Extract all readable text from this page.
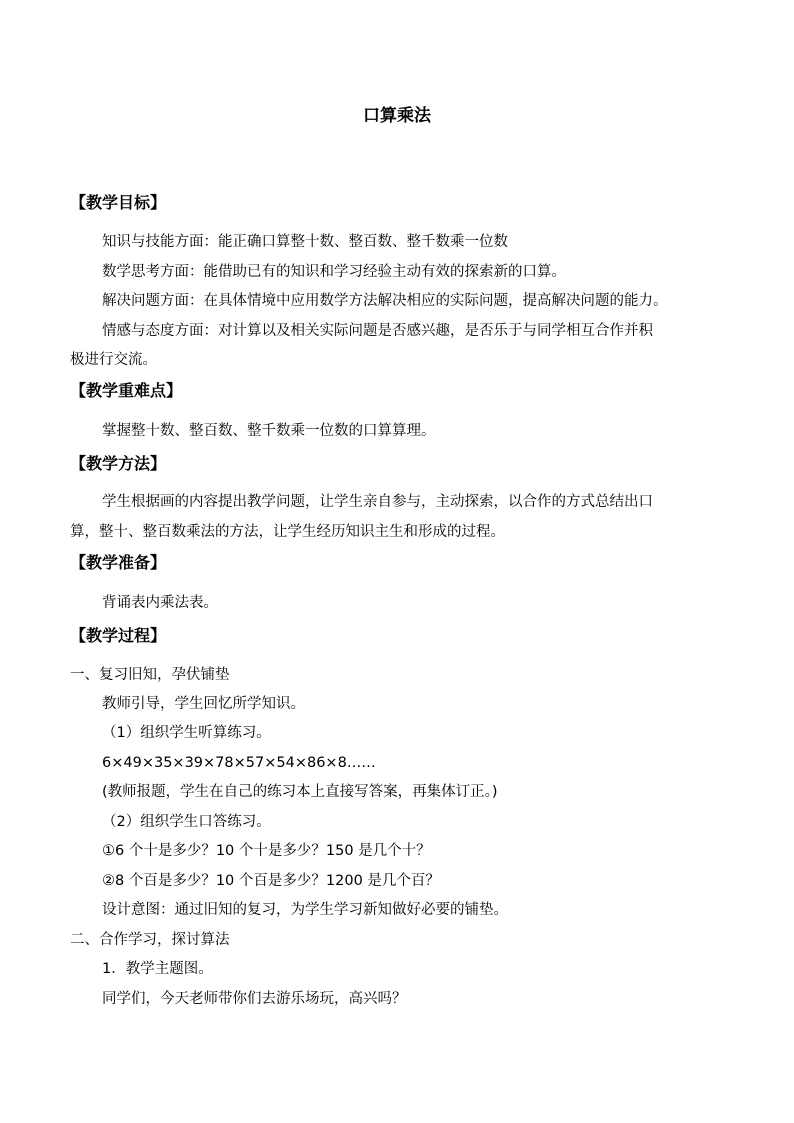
口算乘法
【教学目标】
知识与技能方面：能正确口算整十数、整百数、整千数乘一位数
数学思考方面：能借助已有的知识和学习经验主动有效的探索新的口算。
解决问题方面：在具体情境中应用数学方法解决相应的实际问题，提高解决问题的能力。
情感与态度方面：对计算以及相关实际问题是否感兴趣，是否乐于与同学相互合作并积
极进行交流。
【教学重难点】
掌握整十数、整百数、整千数乘一位数的口算算理。
【教学方法】
学生根据画的内容提出教学问题，让学生亲自参与，主动探索，以合作的方式总结出口
算，整十、整百数乘法的方法，让学生经历知识主生和形成的过程。
【教学准备】
背诵表内乘法表。
【教学过程】
一、复习旧知，孕伏铺垫
教师引导，学生回忆所学知识。
（1）组织学生听算练习。
6×49×35×39×78×57×54×86×8……
(教师报题，学生在自己的练习本上直接写答案，再集体订正。)
（2）组织学生口答练习。
①6 个十是多少？10 个十是多少？150 是几个十？
②8 个百是多少？10 个百是多少？1200 是几个百？
设计意图：通过旧知的复习，为学生学习新知做好必要的铺垫。
二、合作学习，探讨算法
1．教学主题图。
同学们，今天老师带你们去游乐场玩，高兴吗？
